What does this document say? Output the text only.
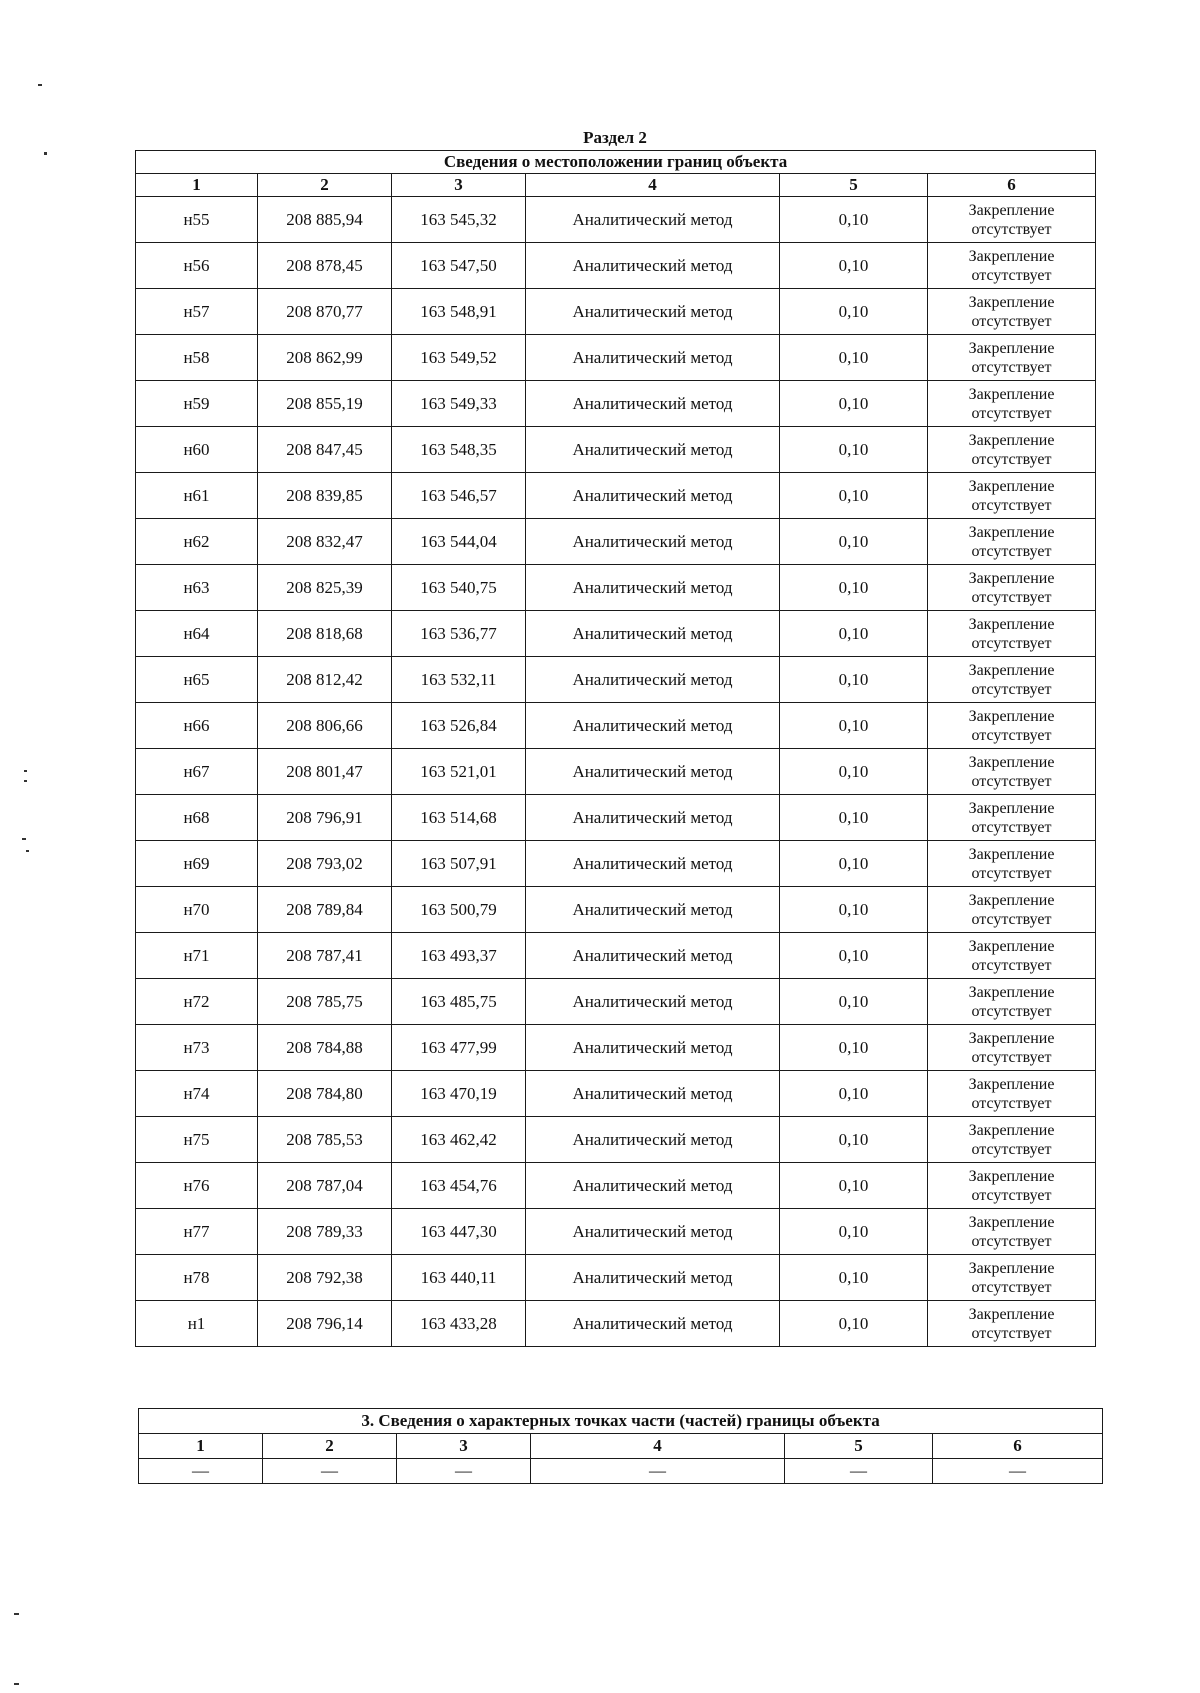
Раздел 2
Сведения о местоположении границ объекта					
1	2	3	4	5	6
н55	208 885,94	163 545,32	Аналитический метод	0,10	Закрепление отсутствует
н56	208 878,45	163 547,50	Аналитический метод	0,10	Закрепление отсутствует
н57	208 870,77	163 548,91	Аналитический метод	0,10	Закрепление отсутствует
н58	208 862,99	163 549,52	Аналитический метод	0,10	Закрепление отсутствует
н59	208 855,19	163 549,33	Аналитический метод	0,10	Закрепление отсутствует
н60	208 847,45	163 548,35	Аналитический метод	0,10	Закрепление отсутствует
н61	208 839,85	163 546,57	Аналитический метод	0,10	Закрепление отсутствует
н62	208 832,47	163 544,04	Аналитический метод	0,10	Закрепление отсутствует
н63	208 825,39	163 540,75	Аналитический метод	0,10	Закрепление отсутствует
н64	208 818,68	163 536,77	Аналитический метод	0,10	Закрепление отсутствует
н65	208 812,42	163 532,11	Аналитический метод	0,10	Закрепление отсутствует
н66	208 806,66	163 526,84	Аналитический метод	0,10	Закрепление отсутствует
н67	208 801,47	163 521,01	Аналитический метод	0,10	Закрепление отсутствует
н68	208 796,91	163 514,68	Аналитический метод	0,10	Закрепление отсутствует
н69	208 793,02	163 507,91	Аналитический метод	0,10	Закрепление отсутствует
н70	208 789,84	163 500,79	Аналитический метод	0,10	Закрепление отсутствует
н71	208 787,41	163 493,37	Аналитический метод	0,10	Закрепление отсутствует
н72	208 785,75	163 485,75	Аналитический метод	0,10	Закрепление отсутствует
н73	208 784,88	163 477,99	Аналитический метод	0,10	Закрепление отсутствует
н74	208 784,80	163 470,19	Аналитический метод	0,10	Закрепление отсутствует
н75	208 785,53	163 462,42	Аналитический метод	0,10	Закрепление отсутствует
н76	208 787,04	163 454,76	Аналитический метод	0,10	Закрепление отсутствует
н77	208 789,33	163 447,30	Аналитический метод	0,10	Закрепление отсутствует
н78	208 792,38	163 440,11	Аналитический метод	0,10	Закрепление отсутствует
н1	208 796,14	163 433,28	Аналитический метод	0,10	Закрепление отсутствует
3. Сведения о характерных точках части (частей) границы объекта					
1	2	3	4	5	6
—	—	—	—	—	—
